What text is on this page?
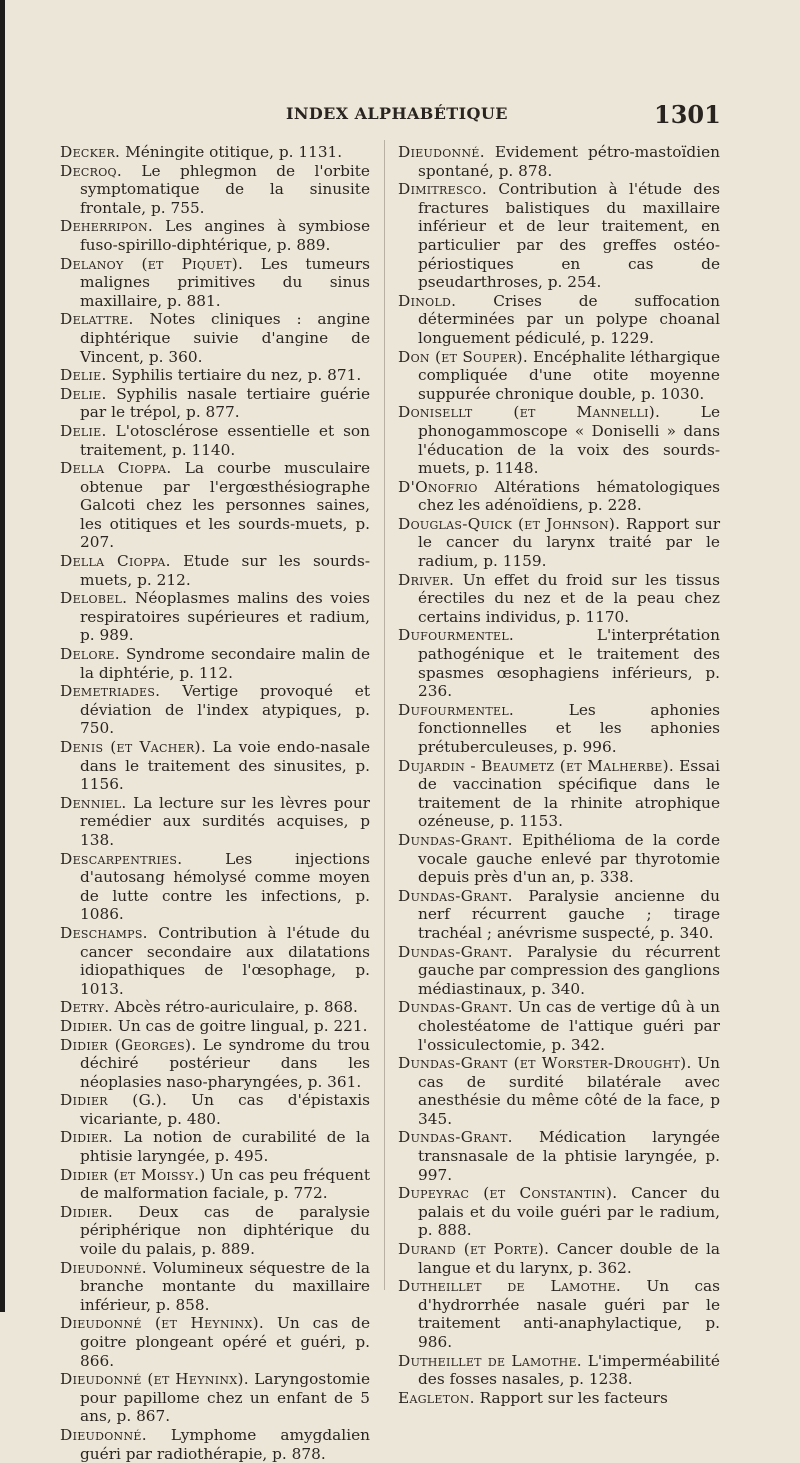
INDEX ALPHABÉTIQUE	1301

Decker. Méningite otitique, p. 1131.

Decroq. Le phlegmon de l'orbite symptomatique de la sinusite frontale, p. 755.

Deherripon. Les angines à symbiose fuso-spirillo-diphtérique, p. 889.

Delanoy (et Piquet). Les tumeurs malignes primitives du sinus maxillaire, p. 881.

Delattre. Notes cliniques : angine diphtérique suivie d'angine de Vincent, p. 360.

Delie. Syphilis tertiaire du nez, p. 871.

Delie. Syphilis nasale tertiaire guérie par le trépol, p. 877.

Delie. L'otosclérose essentielle et son traitement, p. 1140.

Della Cioppa. La courbe musculaire obtenue par l'ergœsthésiographe Galcoti chez les personnes saines, les otitiques et les sourds-muets, p. 207.

Della Cioppa. Etude sur les sourds-muets, p. 212.

Delobel. Néoplasmes malins des voies respiratoires supérieures et radium, p. 989.

Delore. Syndrome secondaire malin de la diphtérie, p. 112.

Demetriades. Vertige provoqué et déviation de l'index atypiques, p. 750.

Denis (et Vacher). La voie endo-nasale dans le traitement des sinusites, p. 1156.

Denniel. La lecture sur les lèvres pour remédier aux surdités acquises, p 138.

Descarpentries. Les injections d'autosang hémolysé comme moyen de lutte contre les infections, p. 1086.

Deschamps. Contribution à l'étude du cancer secondaire aux dilatations idiopathiques de l'œsophage, p. 1013.

Detry. Abcès rétro-auriculaire, p. 868.

Didier. Un cas de goitre lingual, p. 221.

Didier (Georges). Le syndrome du trou déchiré postérieur dans les néoplasies naso-pharyngées, p. 361.

Didier (G.). Un cas d'épistaxis vicariante, p. 480.

Didier. La notion de curabilité de la phtisie laryngée, p. 495.

Didier (et Moissy.) Un cas peu fréquent de malformation faciale, p. 772.

Didier. Deux cas de paralysie périphérique non diphtérique du voile du palais, p. 889.

Dieudonné. Volumineux séquestre de la branche montante du maxillaire inférieur, p. 858.

Dieudonné (et Heyninx). Un cas de goitre plongeant opéré et guéri, p. 866.

Dieudonné (et Heyninx). Laryngostomie pour papillome chez un enfant de 5 ans, p. 867.

Dieudonné. Lymphome amygdalien guéri par radiothérapie, p. 878.

Dieudonné. Evidement pétro-mastoïdien spontané, p. 878.

Dimitresco. Contribution à l'étude des fractures balistiques du maxillaire inférieur et de leur traitement, en particulier par des greffes ostéo-périostiques en cas de pseudarthroses, p. 254.

Dinold. Crises de suffocation déterminées par un polype choanal longuement pédiculé, p. 1229.

Don (et Souper). Encéphalite léthargique compliquée d'une otite moyenne suppurée chronique double, p. 1030.

Donisellt (et Mannelli). Le phonogammoscope « Doniselli » dans l'éducation de la voix des sourds-muets, p. 1148.

D'Onofrio Altérations hématologiques chez les adénoïdiens, p. 228.

Douglas-Quick (et Johnson). Rapport sur le cancer du larynx traité par le radium, p. 1159.

Driver. Un effet du froid sur les tissus érectiles du nez et de la peau chez certains individus, p. 1170.

Dufourmentel. L'interprétation pathogénique et le traitement des spasmes œsophagiens inférieurs, p. 236.

Dufourmentel. Les aphonies fonctionnelles et les aphonies prétuberculeuses, p. 996.

Dujardin - Beaumetz (et Malherbe). Essai de vaccination spécifique dans le traitement de la rhinite atrophique ozéneuse, p. 1153.

Dundas-Grant. Epithélioma de la corde vocale gauche enlevé par thyrotomie depuis près d'un an, p. 338.

Dundas-Grant. Paralysie ancienne du nerf récurrent gauche ; tirage trachéal ; anévrisme suspecté, p. 340.

Dundas-Grant. Paralysie du récurrent gauche par compression des ganglions médiastinaux, p. 340.

Dundas-Grant. Un cas de vertige dû à un cholestéatome de l'attique guéri par l'ossiculectomie, p. 342.

Dundas-Grant (et Worster-Drought). Un cas de surdité bilatérale avec anesthésie du même côté de la face, p 345.

Dundas-Grant. Médication laryngée transnasale de la phtisie laryngée, p. 997.

Dupeyrac (et Constantin). Cancer du palais et du voile guéri par le radium, p. 888.

Durand (et Porte). Cancer double de la langue et du larynx, p. 362.

Dutheillet de Lamothe. Un cas d'hydrorrhée nasale guéri par le traitement anti-anaphylactique, p. 986.

Dutheillet de Lamothe. L'imperméabilité des fosses nasales, p. 1238.

Eagleton. Rapport sur les facteurs
